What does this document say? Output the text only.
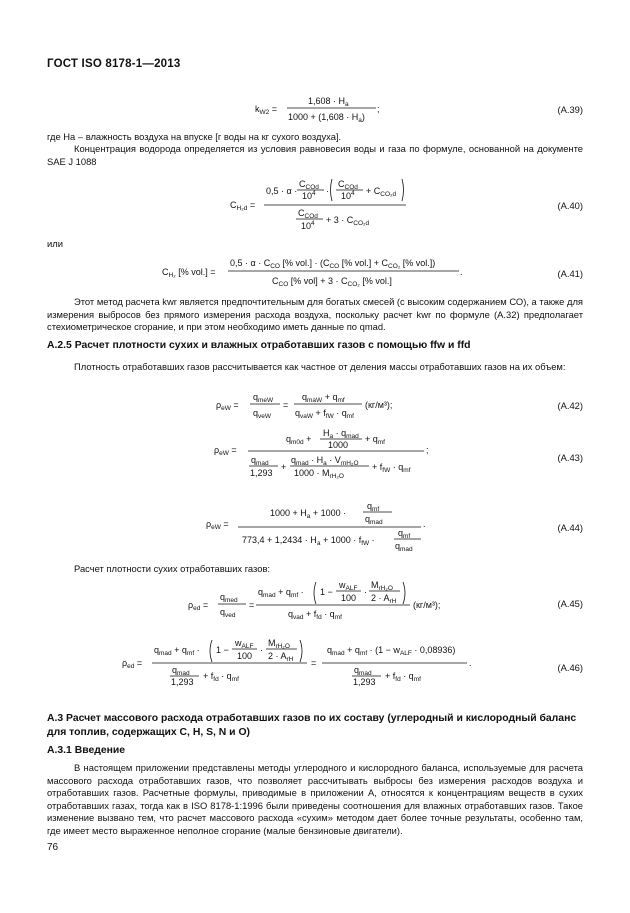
ГОСТ ISO 8178-1—2013
$k_{W2}$ =
$1,608 \cdot H_a$
$1000 + (1,608 \cdot H_a)$
;	(A.39)
где Ha – влажность воздуха на впуске [г воды на кг сухого воздуха].
Концентрация водорода определяется из условия равновесия воды и газа по формуле, основанной на документе SAE J 1088
$C_{H_2d}$ =
0,5 · α ·
$C_{COd}$
$10^4$ ·
$C_{COd}$
$10^4 + C_{CO_2d}$
$C_{COd}$
$10^4 + 3 \cdot C_{CO_2d}$
(A.40)
или
$C_{H_2}$ [% vol.] =
$0,5 \cdot \alpha \cdot C_{CO}$ [% $vol.] \cdot (C_{CO}$ [% $vol.] + C_{CO_2}$ [% vol.])
$C_{CO}$ [% $vol] + 3 \cdot C_{CO_2}$ [% vol.]
.	(A.41)
Этот метод расчета kwr является предпочтительным для богатых смесей (с высоким содержанием СО), а также для измерения выбросов без прямого измерения расхода воздуха, поскольку расчет kwr по формуле (А.32) предполагает стехиометрическое сгорание, и при этом необходимо иметь данные по qmad.
А.2.5 Расчет плотности сухих и влажных отработавших газов с помощью ffw и ffd
Плотность отработавших газов рассчитывается как частное от деления массы отработавших газов на их объем:
$\rho_{eW}$ =
$q_{meW}$
$q_{veW}$
=
$q_{maW} + q_{mf}$
$q_{vaW} + f_{fW} \cdot q_{mf}$
(кг/м³);	(A.42)
$\rho_{eW}$ =
$q_{m0d}$ +
$H_a \cdot q_{mad}$
1000
+ $q_{mf}$
$q_{mad}$
1,293
+
$q_{mad} \cdot H_a \cdot V_{mH_2O}$
$1000 \cdot M_{rH_2O}$
+ $f_{fW} \cdot q_{mf}$
;
(A.43)
$\rho_{eW}$ =
$1000 + H_a + 1000$ ·
$q_{mf}$
$q_{mad}$
$773,4 + 1,2434 \cdot H_a + 1000 \cdot f_{fW}$ ·
$q_{mf}$
$q_{mad}$
.	(A.44)
Расчет плотности сухих отработавших газов:
$\rho_{ed}$ =
$q_{med}$
$q_{ved}$
=
$q_{mad} + q_{mf} \cdot 1$ −
$w_{ALF}$
100
·
$M_{rH_2O}$
$2 \cdot A_{rH}$
$q_{vad} + f_{fd} \cdot q_{mf}$
(кг/м³);	(A.45)
$\rho_{ed}$ =
$q_{mad} + q_{mf} \cdot 1$ −
$w_{ALF}$
100
·
$M_{rH_2O}$
$2 \cdot A_{rH}$
$q_{mad}$
1,293
+ $f_{fd} \cdot q_{mf}$
=
$q_{mad} + q_{mf} \cdot (1 - w_{ALF} \cdot 0,08936)$
$q_{mad}$
1,293
+ $f_{fd} \cdot q_{mf}$
.	(A.46)
А.3 Расчет массового расхода отработавших газов по их составу (углеродный и кислородный баланс для топлив, содержащих C, H, S, N и O)
А.3.1 Введение
В настоящем приложении представлены методы углеродного и кислородного баланса, используемые для расчета массового расхода отработавших газов, что позволяет рассчитывать выбросы без измерения расходов воздуха и отработавших газов. Расчетные формулы, приводимые в приложении А, относятся к концентрациям веществ в сухих отработавших газах, тогда как в ISO 8178-1:1996 были приведены соотношения для влажных отработавших газов. Такое изменение вызвано тем, что расчет массового расхода «сухим» методом дает более точные результаты, особенно там, где имеет место выраженное неполное сгорание (малые бензиновые двигатели).
76
